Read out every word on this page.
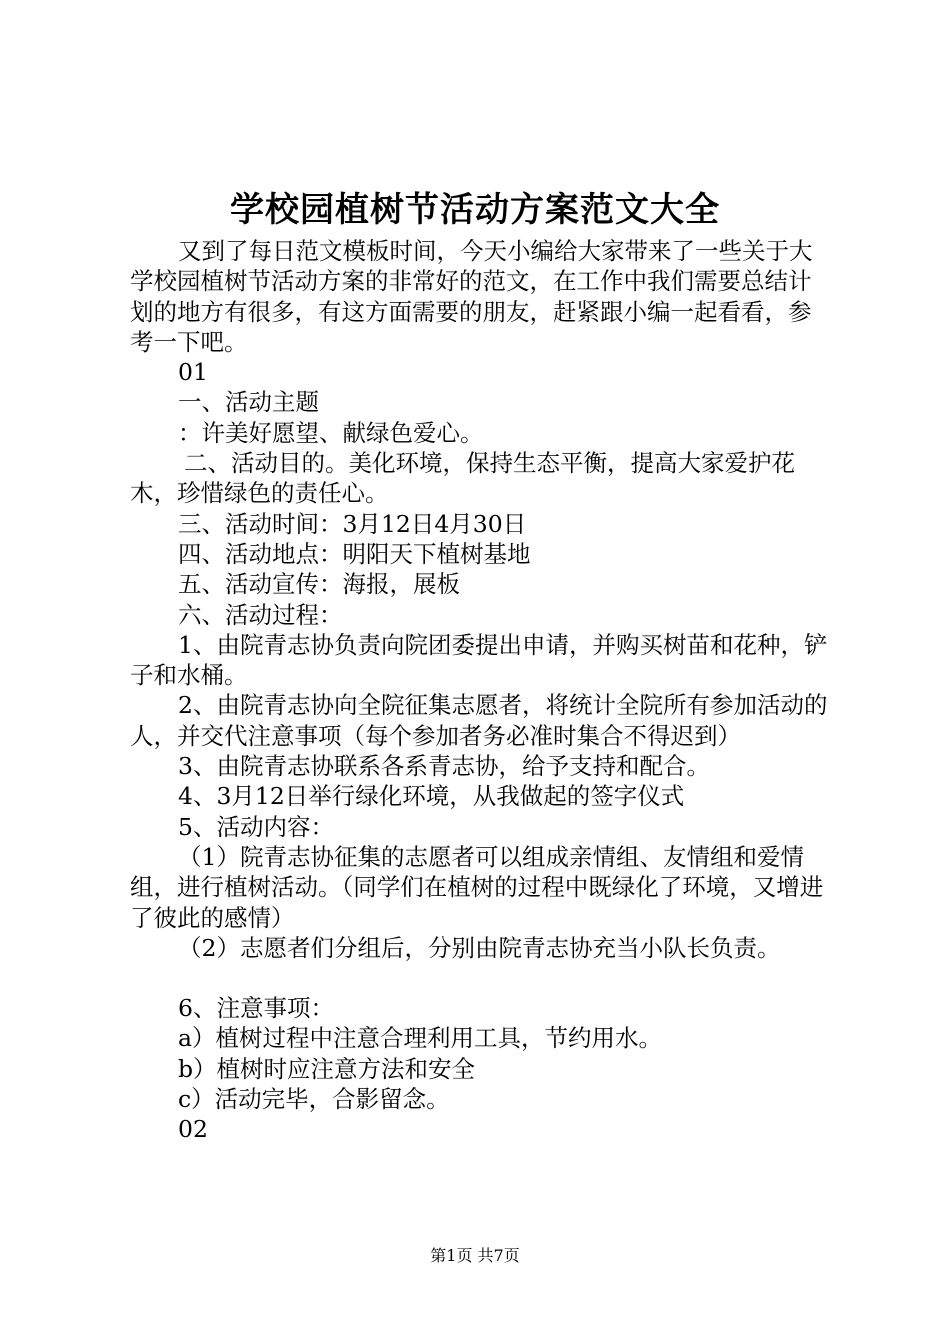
学校园植树节活动方案范文大全

又到了每日范文模板时间，今天小编给大家带来了一些关于大学校园植树节活动方案的非常好的范文，在工作中我们需要总结计划的地方有很多，有这方面需要的朋友，赶紧跟小编一起看看，参考一下吧。

01

一、活动主题

：许美好愿望、献绿色爱心。

二、活动目的。美化环境，保持生态平衡，提高大家爱护花木，珍惜绿色的责任心。

三、活动时间：3月12日4月30日

四、活动地点：明阳天下植树基地

五、活动宣传：海报，展板

六、活动过程：

1、由院青志协负责向院团委提出申请，并购买树苗和花种，铲子和水桶。

2、由院青志协向全院征集志愿者，将统计全院所有参加活动的人，并交代注意事项（每个参加者务必准时集合不得迟到）

3、由院青志协联系各系青志协，给予支持和配合。

4、3月12日举行绿化环境，从我做起的签字仪式

5、活动内容：

（1）院青志协征集的志愿者可以组成亲情组、友情组和爱情组，进行植树活动。（同学们在植树的过程中既绿化了环境，又增进了彼此的感情）

（2）志愿者们分组后，分别由院青志协充当小队长负责。

6、注意事项：

a）植树过程中注意合理利用工具，节约用水。

b）植树时应注意方法和安全

c）活动完毕，合影留念。

02

第1页 共7页
